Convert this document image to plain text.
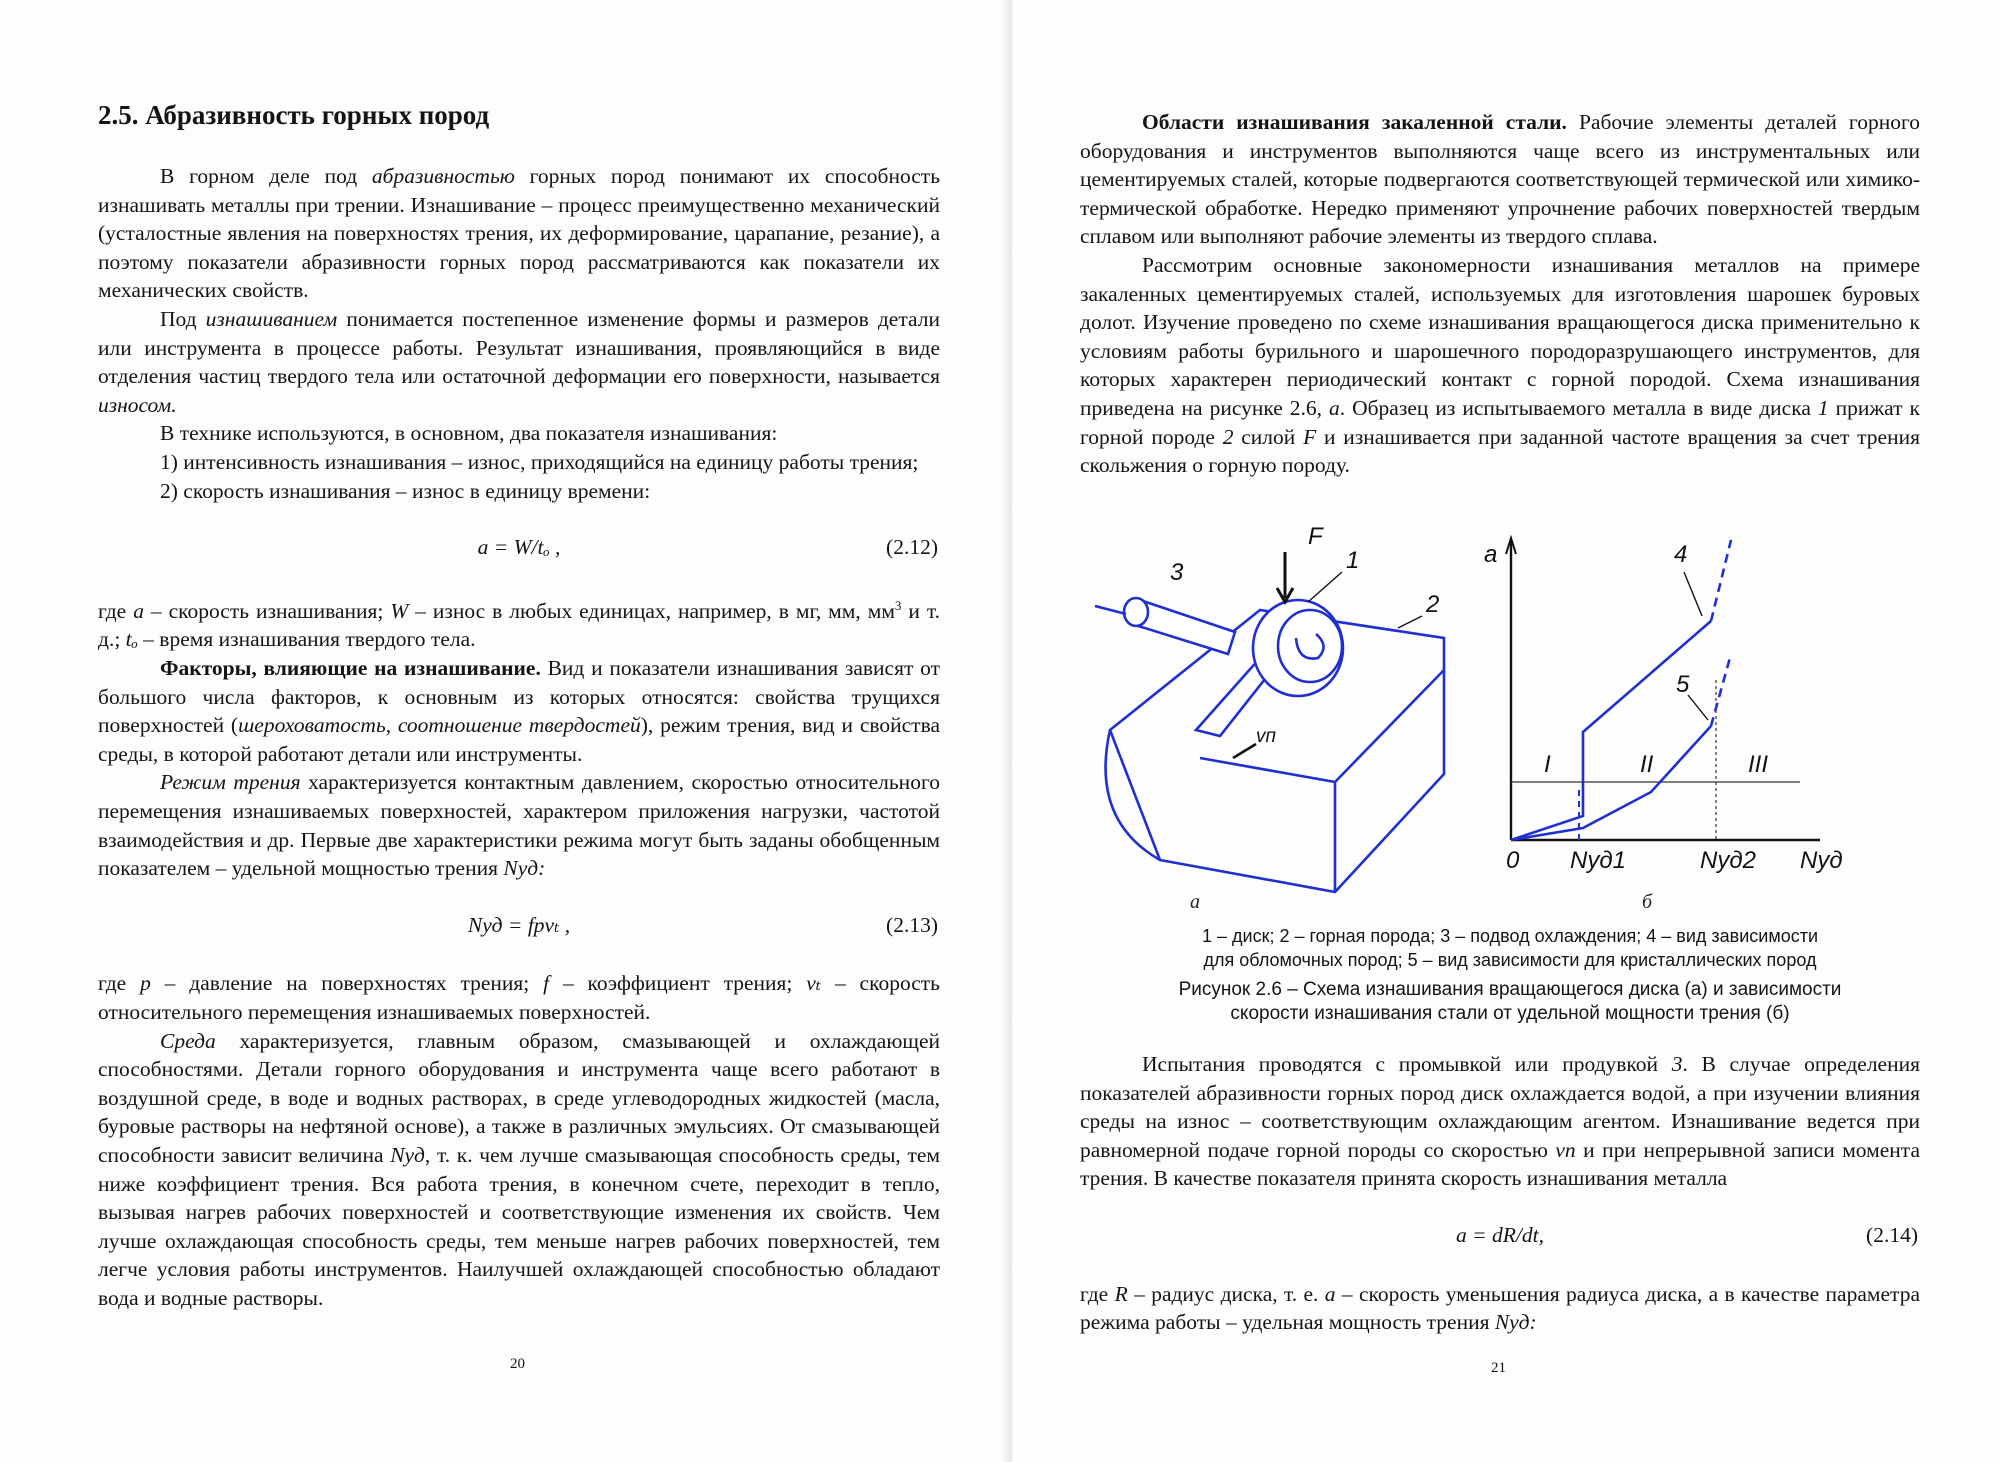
2.5. Абразивность горных пород

В горном деле под абразивностью горных пород понимают их способность изнашивать металлы при трении. Изнашивание – процесс преимущественно механический (усталостные явления на поверхностях трения, их деформирование, царапание, резание), а поэтому показатели абразивности горных пород рассматриваются как показатели их механических свойств.

Под изнашиванием понимается постепенное изменение формы и размеров детали или инструмента в процессе работы. Результат изнашивания, проявляющийся в виде отделения частиц твердого тела или остаточной деформации его поверхности, называется износом.

В технике используются, в основном, два показателя изнашивания:

1) интенсивность изнашивания – износ, приходящийся на единицу работы трения;

2) скорость изнашивания – износ в единицу времени:

a = W/tₒ ,	(2.12)

где a – скорость изнашивания; W – износ в любых единицах, например, в мг, мм, $мм^3$ и т. д.; tₒ – время изнашивания твердого тела.

Факторы, влияющие на изнашивание. Вид и показатели изнашивания зависят от большого числа факторов, к основным из которых относятся: свойства трущихся поверхностей (шероховатость, соотношение твердостей), режим трения, вид и свойства среды, в которой работают детали или инструменты.

Режим трения характеризуется контактным давлением, скоростью относительного перемещения изнашиваемых поверхностей, характером приложения нагрузки, частотой взаимодействия и др. Первые две характеристики режима могут быть заданы обобщенным показателем – удельной мощностью трения Nуд:

Nуд = fpvₜ ,	(2.13)

где p – давление на поверхностях трения; f – коэффициент трения; vₜ – скорость относительного перемещения изнашиваемых поверхностей.

Среда характеризуется, главным образом, смазывающей и охлаждающей способностями. Детали горного оборудования и инструмента чаще всего работают в воздушной среде, в воде и водных растворах, в среде углеводородных жидкостей (масла, буровые растворы на нефтяной основе), а также в различных эмульсиях. От смазывающей способности зависит величина Nуд, т. к. чем лучше смазывающая способность среды, тем ниже коэффициент трения. Вся работа трения, в конечном счете, переходит в тепло, вызывая нагрев рабочих поверхностей и соответствующие изменения их свойств. Чем лучше охлаждающая способность среды, тем меньше нагрев рабочих поверхностей, тем легче условия работы инструментов. Наилучшей охлаждающей способностью обладают вода и водные растворы.

20

Области изнашивания закаленной стали. Рабочие элементы деталей горного оборудования и инструментов выполняются чаще всего из инструментальных или цементируемых сталей, которые подвергаются соответствующей термической или химико-термической обработке. Нередко применяют упрочнение рабочих поверхностей твердым сплавом или выполняют рабочие элементы из твердого сплава.

Рассмотрим основные закономерности изнашивания металлов на примере закаленных цементируемых сталей, используемых для изготовления шарошек буровых долот. Изучение проведено по схеме изнашивания вращающегося диска применительно к условиям работы бурильного и шарошечного породоразрушающего инструментов, для которых характерен периодический контакт с горной породой. Схема изнашивания приведена на рисунке 2.6, а. Образец из испытываемого металла в виде диска 1 прижат к горной породе 2 силой F и изнашивается при заданной частоте вращения за счет трения скольжения о горную породу.

Испытания проводятся с промывкой или продувкой 3. В случае определения показателей абразивности горных пород диск охлаждается водой, а при изучении влияния среды на износ – соответствующим охлаждающим агентом. Изнашивание ведется при равномерной подаче горной породы со скоростью vп и при непрерывной записи момента трения. В качестве показателя принята скорость изнашивания металла

a = dR/dt,	(2.14)

где R – радиус диска, т. е. a – скорость уменьшения радиуса диска, а в качестве параметра режима работы – удельная мощность трения Nуд:

21
3
F
1
2
vп
a	4
5
I	II	III
0 Nуд1	Nуд2 Nуд
а	б
1 – диск; 2 – горная порода; 3 – подвод охлаждения; 4 – вид зависимости
для обломочных пород; 5 – вид зависимости для кристаллических пород
Рисунок 2.6 – Схема изнашивания вращающегося диска (а) и зависимости
скорости изнашивания стали от удельной мощности трения (б)
